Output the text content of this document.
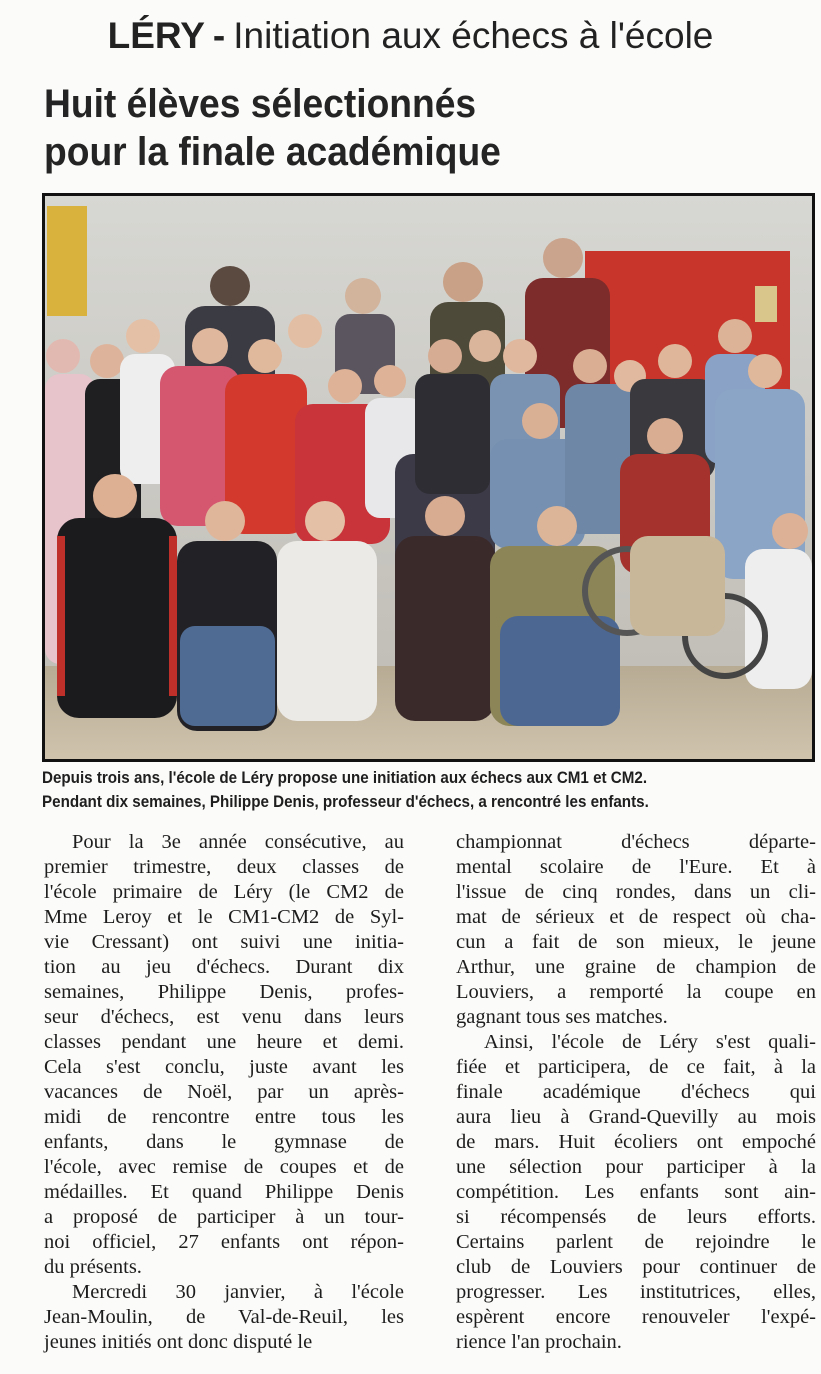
LÉRY - Initiation aux échecs à l'école
Huit élèves sélectionnés
pour la finale académique
Depuis trois ans, l'école de Léry propose une initiation aux échecs aux CM1 et CM2.
Pendant dix semaines, Philippe Denis, professeur d'échecs, a rencontré les enfants.
Pour la 3e année consécutive, au
premier trimestre, deux classes de
l'école primaire de Léry (le CM2 de
Mme Leroy et le CM1-CM2 de Syl-
vie Cressant) ont suivi une initia-
tion au jeu d'échecs. Durant dix
semaines, Philippe Denis, profes-
seur d'échecs, est venu dans leurs
classes pendant une heure et demi.
Cela s'est conclu, juste avant les
vacances de Noël, par un après-
midi de rencontre entre tous les
enfants, dans le gymnase de
l'école, avec remise de coupes et de
médailles. Et quand Philippe Denis
a proposé de participer à un tour-
noi officiel, 27 enfants ont répon-
du présents.
Mercredi 30 janvier, à l'école
Jean-Moulin, de Val-de-Reuil, les
jeunes initiés ont donc disputé le
championnat d'échecs départe-
mental scolaire de l'Eure. Et à
l'issue de cinq rondes, dans un cli-
mat de sérieux et de respect où cha-
cun a fait de son mieux, le jeune
Arthur, une graine de champion de
Louviers, a remporté la coupe en
gagnant tous ses matches.
Ainsi, l'école de Léry s'est quali-
fiée et participera, de ce fait, à la
finale académique d'échecs qui
aura lieu à Grand-Quevilly au mois
de mars. Huit écoliers ont empoché
une sélection pour participer à la
compétition. Les enfants sont ain-
si récompensés de leurs efforts.
Certains parlent de rejoindre le
club de Louviers pour continuer de
progresser. Les institutrices, elles,
espèrent encore renouveler l'expé-
rience l'an prochain.
